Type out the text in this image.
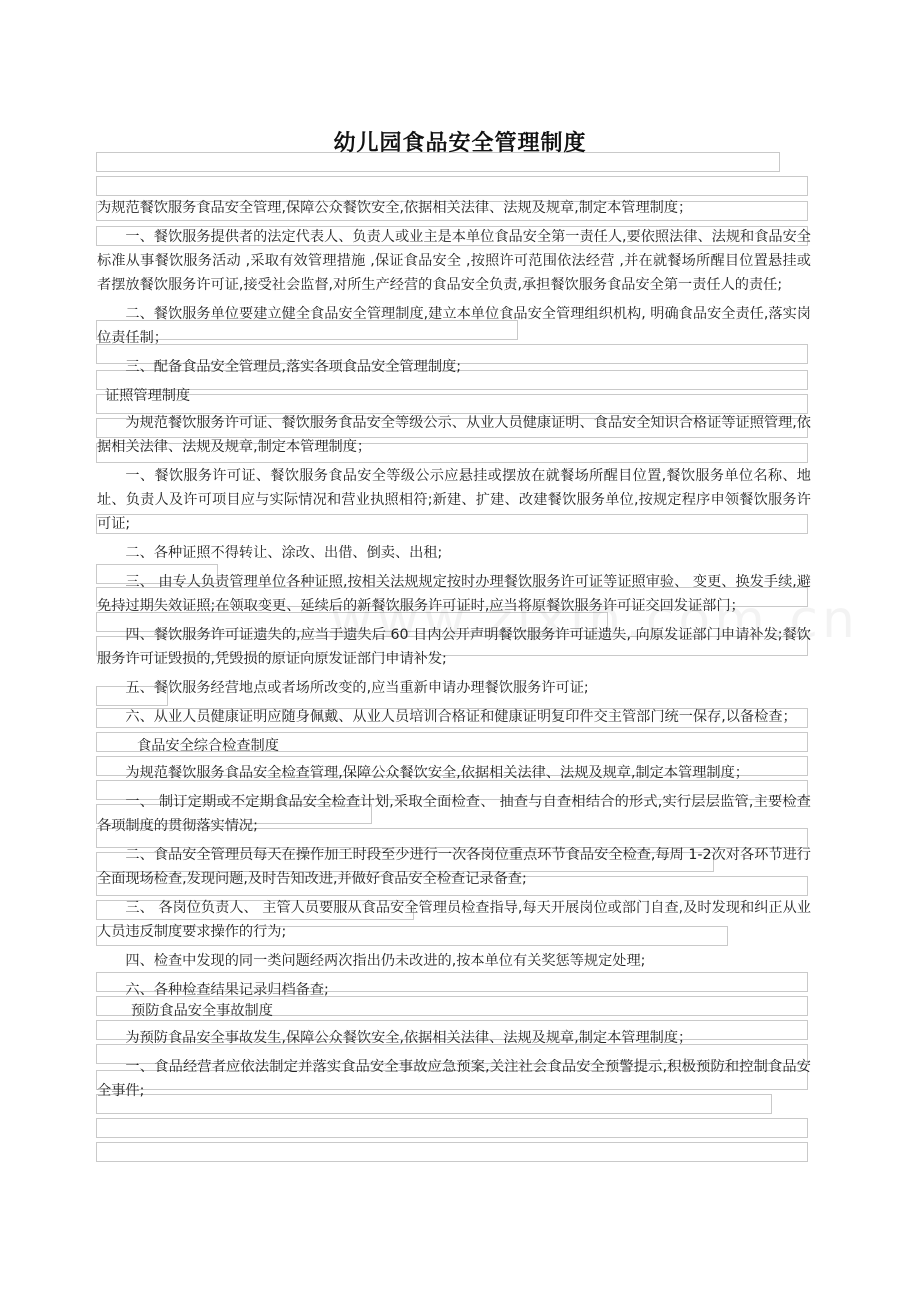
幼儿园食品安全管理制度

为规范餐饮服务食品安全管理,保障公众餐饮安全,依据相关法律、法规及规章,制定本管理制度；

一、餐饮服务提供者的法定代表人、负责人或业主是本单位食品安全第一责任人,要依照法律、法规和食品安全标准从事餐饮服务活动 ,采取有效管理措施 ,保证食品安全 ,按照许可范围依法经营 ,并在就餐场所醒目位置悬挂或者摆放餐饮服务许可证,接受社会监督,对所生产经营的食品安全负责,承担餐饮服务食品安全第一责任人的责任;

二、餐饮服务单位要建立健全食品安全管理制度,建立本单位食品安全管理组织机构, 明确食品安全责任,落实岗位责任制；

三、配备食品安全管理员,落实各项食品安全管理制度;

证照管理制度

为规范餐饮服务许可证、餐饮服务食品安全等级公示、从业人员健康证明、食品安全知识合格证等证照管理,依据相关法律、法规及规章,制定本管理制度；

一、餐饮服务许可证、餐饮服务食品安全等级公示应悬挂或摆放在就餐场所醒目位置,餐饮服务单位名称、地址、负责人及许可项目应与实际情况和营业执照相符;新建、扩建、改建餐饮服务单位,按规定程序申领餐饮服务许可证;

二、各种证照不得转让、涂改、出借、倒卖、出租;

三、 由专人负责管理单位各种证照,按相关法规规定按时办理餐饮服务许可证等证照审验、 变更、换发手续,避免持过期失效证照;在领取变更、延续后的新餐饮服务许可证时,应当将原餐饮服务许可证交回发证部门；

四、餐饮服务许可证遗失的,应当于遗失后 60 日内公开声明餐饮服务许可证遗失, 向原发证部门申请补发;餐饮服务许可证毁损的,凭毁损的原证向原发证部门申请补发;

五、餐饮服务经营地点或者场所改变的,应当重新申请办理餐饮服务许可证;

六、从业人员健康证明应随身佩戴、从业人员培训合格证和健康证明复印件交主管部门统一保存,以备检查；

食品安全综合检查制度

为规范餐饮服务食品安全检查管理,保障公众餐饮安全,依据相关法律、法规及规章,制定本管理制度；

一、 制订定期或不定期食品安全检查计划,采取全面检查、 抽查与自查相结合的形式,实行层层监管,主要检查各项制度的贯彻落实情况;

二、食品安全管理员每天在操作加工时段至少进行一次各岗位重点环节食品安全检查,每周 1-2次对各环节进行全面现场检查,发现问题,及时告知改进,并做好食品安全检查记录备查;

三、 各岗位负责人、 主管人员要服从食品安全管理员检查指导,每天开展岗位或部门自查,及时发现和纠正从业人员违反制度要求操作的行为;

四、检查中发现的同一类问题经两次指出仍未改进的,按本单位有关奖惩等规定处理;

六、各种检查结果记录归档备查;

预防食品安全事故制度

为预防食品安全事故发生,保障公众餐饮安全,依据相关法律、法规及规章,制定本管理制度；

一、食品经营者应依法制定并落实食品安全事故应急预案,关注社会食品安全预警提示,积极预防和控制食品安全事件;
